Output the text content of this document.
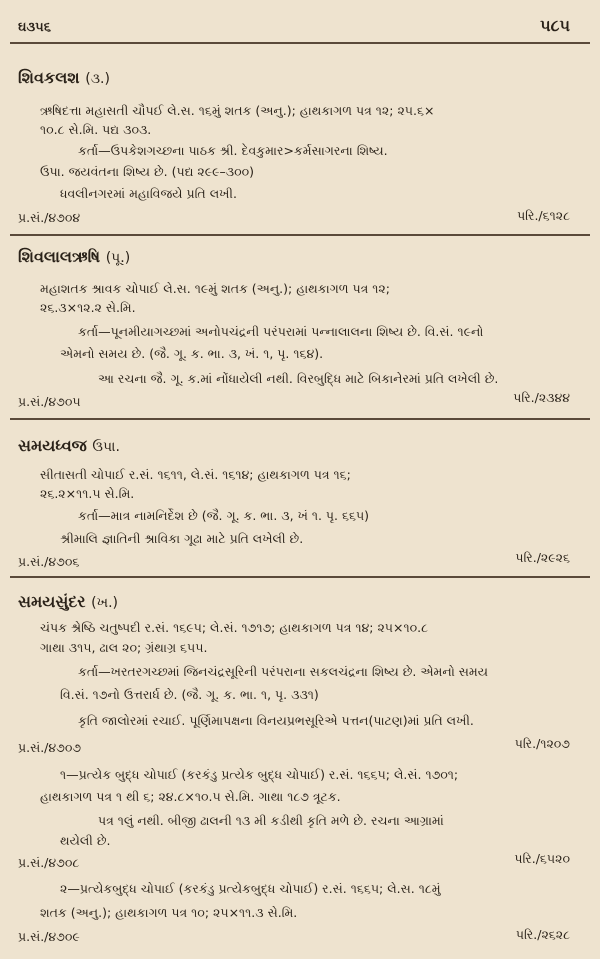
ઘ૩૫૬	૫૮૫
શિવકલશ (૩.)
ઋષિદત્તા મહાસતી ચૌપઈ લે.સ. ૧૬મું શતક (અનુ.); હાથકાગળ પત્ર ૧૨; ૨૫.૬×
૧૦.૮ સે.મિ. પદ્ય ૩૦૩.
કર્તા—ઉપકેશગચ્છના પાઠક શ્રી. દેવકુમાર>કર્મસાગરના શિષ્ય.
ઉપા. જયવંતના શિષ્ય છે. (પદ્ય ૨૯૯–૩૦૦)
ધવલીનગરમાં મહાવિજયે પ્રતિ લખી.
પ્ર.સં./૪૭૦૪	પરિ./૬૧૨૮
શિવલાલઋષિ (પૂ.)
મહાશતક શ્રાવક ચોપાઈ લે.સ. ૧૯મું શતક (અનુ.); હાથકાગળ પત્ર ૧૨;
૨૬.૩×૧૨.૨ સે.મિ.
કર્તા—પૂનમીયાગચ્છમાં અનોપચંદ્રની પરંપરામાં પન્નાલાલના શિષ્ય છે. વિ.સં. ૧૯નો
એમનો સમય છે. (જૈ. ગૂ. ક. ભા. ૩, ખં. ૧, પૃ. ૧૬૪).
આ રચના જૈ. ગૂ. ક.માં નોંધાયેલી નથી. વિરબુદ્ધિ માટે બિકાનેરમાં પ્રતિ લખેલી છે.
પ્ર.સં./૪૭૦૫	પરિ./૨૩૪૪
સમયધ્વજ ઉપા.
સીતાસતી ચોપાઈ ર.સં. ૧૬૧૧, લે.સં. ૧૬૧૪; હાથકાગળ પત્ર ૧૬;
૨૬.૨×૧૧.૫ સે.મિ.
કર્તા—માત્ર નામનિર્દેશ છે (જૈ. ગૂ. ક. ભા. ૩, ખં ૧. પૃ. ૬૬૫)
શ્રીમાલિ જ્ઞાતિની શ્રાવિકા ગૂઢા માટે પ્રતિ લખેલી છે.
પ્ર.સં./૪૭૦૬	પરિ./૨૯૨૬
સમયસુંદર (ખ.)
ચંપક શ્રેષ્ઠિ ચતુષ્પદી ર.સં. ૧૬૯૫; લે.સં. ૧૭૧૭; હાથકાગળ પત્ર ૧૪; ૨૫×૧૦.૮
ગાથા ૩૧૫, ઢાલ ૨૦; ગ્રંથાગ્ર ૬૫૫.
કર્તા—ખરતરગચ્છમાં જિનચંદ્રસૂરિની પરંપરાના સકલચંદ્રના શિષ્ય છે. એમનો સમય
વિ.સં. ૧૭નો ઉત્તરાર્ધ છે. (જૈ. ગૂ. ક. ભા. ૧, પૃ. ૩૩૧)
કૃતિ જાલોરમાં રચાઈ. પૂર્ણિમાપક્ષના વિનયપ્રભસૂરિએ પત્તન(પાટણ)માં પ્રતિ લખી.
પ્ર.સં./૪૭૦૭	પરિ./૧૨૦૭
૧—પ્રત્યેક બુદ્ધ ચોપાઈ (કરકંડુ પ્રત્યેક બુદ્ધ ચોપાઈ) ર.સં. ૧૬૬૫; લે.સં. ૧૭૦૧;
હાથકાગળ પત્ર ૧ થી ૬; ૨૪.૮×૧૦.૫ સે.મિ. ગાથા ૧૮૭ ત્રૂટક.
પત્ર ૧લું નથી. બીજી ઢાલની ૧૩ મી કડીથી કૃતિ મળે છે. રચના આગ્રામાં
થયેલી છે.
પ્ર.સં./૪૭૦૮	પરિ./૬૫૨૦
૨—પ્રત્યેકબુદ્ધ ચોપાઈ (કરકંડુ પ્રત્યેકબુદ્ધ ચોપાઈ) ર.સં. ૧૬૬૫; લે.સ. ૧૮મું
શતક (અનુ.); હાથકાગળ પત્ર ૧૦; ૨૫×૧૧.૩ સે.મિ.
પ્ર.સં./૪૭૦૯	પરિ./૨૬૨૮
